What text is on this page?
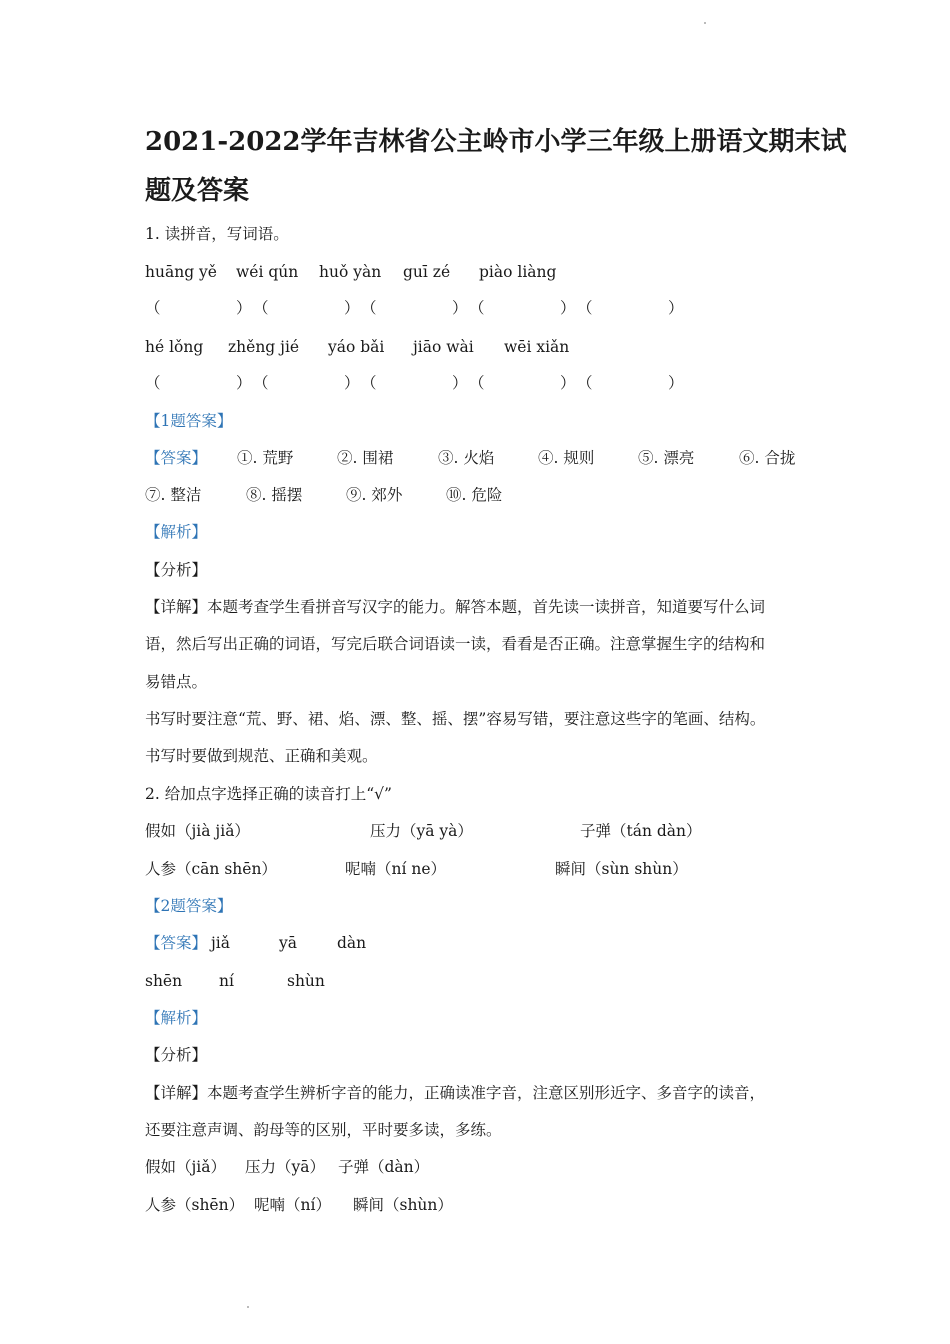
2021-2022学年吉林省公主岭市小学三年级上册语文期末试
题及答案
1. 读拼音，写词语。
huāng yě wéi qún huǒ yàn guī zé piào liàng
（	） （	） （	） （	） （	）
hé lǒng zhěng jié yáo bǎi jiāo wài wēi xiǎn
（	） （	） （	） （	） （	）
【1题答案】
【答案】 ①. 荒野	②. 围裙	③. 火焰	④. 规则	⑤. 漂亮	⑥. 合拢
⑦. 整洁	⑧. 摇摆	⑨. 郊外	⑩. 危险
【解析】
【分析】
【详解】本题考查学生看拼音写汉字的能力。解答本题，首先读一读拼音，知道要写什么词
语，然后写出正确的词语，写完后联合词语读一读，看看是否正确。注意掌握生字的结构和
易错点。
书写时要注意“荒、野、裙、焰、漂、整、摇、摆”容易写错，要注意这些字的笔画、结构。
书写时要做到规范、正确和美观。
2. 给加点字选择正确的读音打上“√”
假如（jià jiǎ）	压力（yā yà）	子弹（tán dàn）
人参（cān shēn）	呢喃（ní ne）	瞬间（sùn shùn）
【2题答案】
【答案】 jiǎ	yā	dàn
shēn ní	shùn
【解析】
【分析】
【详解】本题考查学生辨析字音的能力，正确读准字音，注意区别形近字、多音字的读音，
还要注意声调、韵母等的区别，平时要多读，多练。
假如（jiǎ） 压力（yā） 子弹（dàn）
人参（shēn） 呢喃（ní） 瞬间（shùn）
